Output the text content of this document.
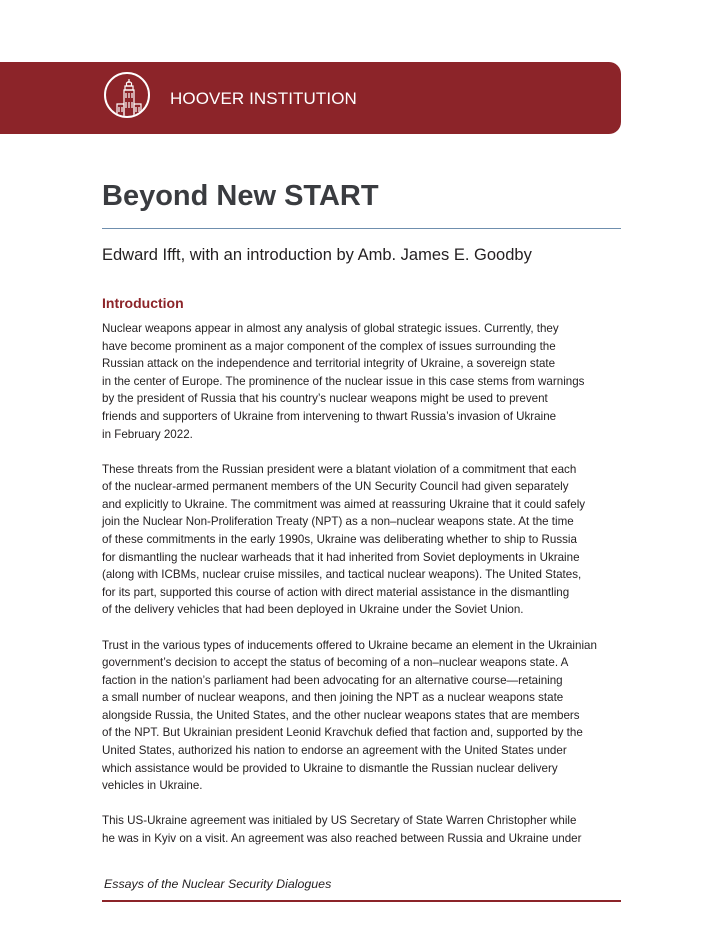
HOOVER INSTITUTION
Beyond New START
Edward Ifft, with an introduction by Amb. James E. Goodby
Introduction

Nuclear weapons appear in almost any analysis of global strategic issues. Currently, they
have become prominent as a major component of the complex of issues surrounding the
Russian attack on the independence and territorial integrity of Ukraine, a sovereign state
in the center of Europe. The prominence of the nuclear issue in this case stems from warnings
by the president of Russia that his country’s nuclear weapons might be used to prevent
friends and supporters of Ukraine from intervening to thwart Russia’s invasion of Ukraine
in February 2022.

These threats from the Russian president were a blatant violation of a commitment that each
of the nuclear-armed permanent members of the UN Security Council had given separately
and explicitly to Ukraine. The commitment was aimed at reassuring Ukraine that it could safely
join the Nuclear Non-Proliferation Treaty (NPT) as a non–nuclear weapons state. At the time
of these commitments in the early 1990s, Ukraine was deliberating whether to ship to Russia
for dismantling the nuclear warheads that it had inherited from Soviet deployments in Ukraine
(along with ICBMs, nuclear cruise missiles, and tactical nuclear weapons). The United States,
for its part, supported this course of action with direct material assistance in the dismantling
of the delivery vehicles that had been deployed in Ukraine under the Soviet Union.

Trust in the various types of inducements offered to Ukraine became an element in the Ukrainian
government’s decision to accept the status of becoming of a non–nuclear weapons state. A
faction in the nation’s parliament had been advocating for an alternative course—retaining
a small number of nuclear weapons, and then joining the NPT as a nuclear weapons state
alongside Russia, the United States, and the other nuclear weapons states that are members
of the NPT. But Ukrainian president Leonid Kravchuk defied that faction and, supported by the
United States, authorized his nation to endorse an agreement with the United States under
which assistance would be provided to Ukraine to dismantle the Russian nuclear delivery
vehicles in Ukraine.

This US-Ukraine agreement was initialed by US Secretary of State Warren Christopher while
he was in Kyiv on a visit. An agreement was also reached between Russia and Ukraine under

Essays of the Nuclear Security Dialogues
